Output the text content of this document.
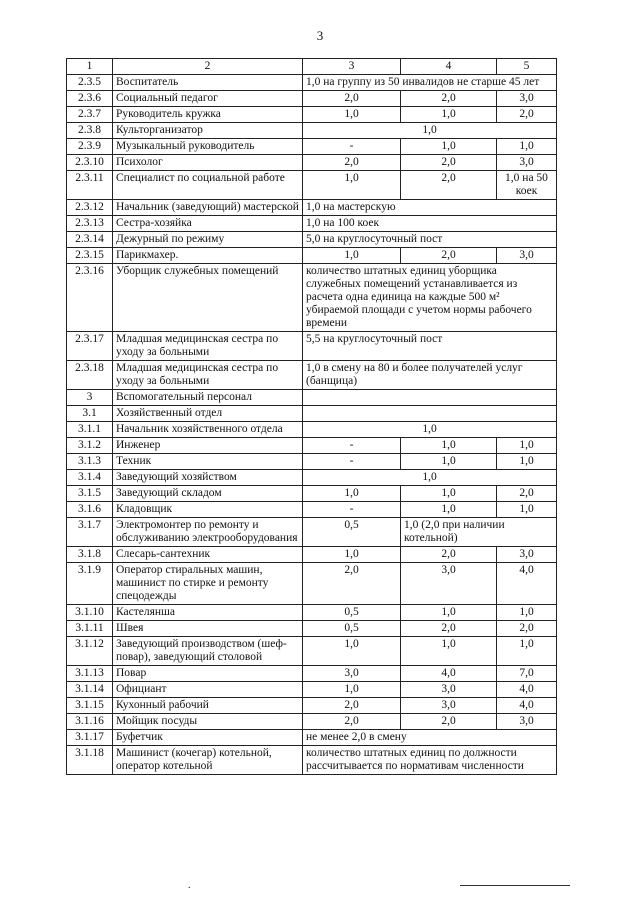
3
1	2	3	4	5
2.3.5	Воспитатель	1,0 на группу из 50 инвалидов не старше 45 лет		
2.3.6	Социальный педагог	2,0	2,0	3,0
2.3.7	Руководитель кружка	1,0	1,0	2,0
2.3.8	Культорганизатор	1,0		
2.3.9	Музыкальный руководитель	-	1,0	1,0
2.3.10	Психолог	2,0	2,0	3,0
2.3.11	Специалист по социальной работе	1,0	2,0	1,0 на 50 коек
2.3.12	Начальник (заведующий) мастерской	1,0 на мастерскую		
2.3.13	Сестра-хозяйка	1,0 на 100 коек		
2.3.14	Дежурный по режиму	5,0 на круглосуточный пост		
2.3.15	Парикмахер.	1,0	2,0	3,0
2.3.16	Уборщик служебных помещений	количество штатных единиц уборщика служебных помещений устанавливается из расчета одна единица на каждые 500 м² убираемой площади с учетом нормы рабочего времени		
2.3.17	Младшая медицинская сестра по уходу за больными	5,5 на круглосуточный пост		
2.3.18	Младшая медицинская сестра по уходу за больными	1,0 в смену на 80 и более получателей услуг (банщица)		
3	Вспомогательный персонал			
3.1	Хозяйственный отдел			
3.1.1	Начальник хозяйственного отдела	1,0		
3.1.2	Инженер	-	1,0	1,0
3.1.3	Техник	-	1,0	1,0
3.1.4	Заведующий хозяйством	1,0		
3.1.5	Заведующий складом	1,0	1,0	2,0
3.1.6	Кладовщик	-	1,0	1,0
3.1.7	Электромонтер по ремонту и обслуживанию электрооборудования	0,5	1,0 (2,0 при наличии котельной)	
3.1.8	Слесарь-сантехник	1,0	2,0	3,0
3.1.9	Оператор стиральных машин, машинист по стирке и ремонту спецодежды	2,0	3,0	4,0
3.1.10	Кастелянша	0,5	1,0	1,0
3.1.11	Швея	0,5	2,0	2,0
3.1.12	Заведующий производством (шеф-повар), заведующий столовой	1,0	1,0	1,0
3.1.13	Повар	3,0	4,0	7,0
3.1.14	Официант	1,0	3,0	4,0
3.1.15	Кухонный рабочий	2,0	3,0	4,0
3.1.16	Мойщик посуды	2,0	2,0	3,0
3.1.17	Буфетчик	не менее 2,0 в смену		
3.1.18	Машинист (кочегар) котельной, оператор котельной	количество штатных единиц по должности рассчитывается по нормативам численности		
.
